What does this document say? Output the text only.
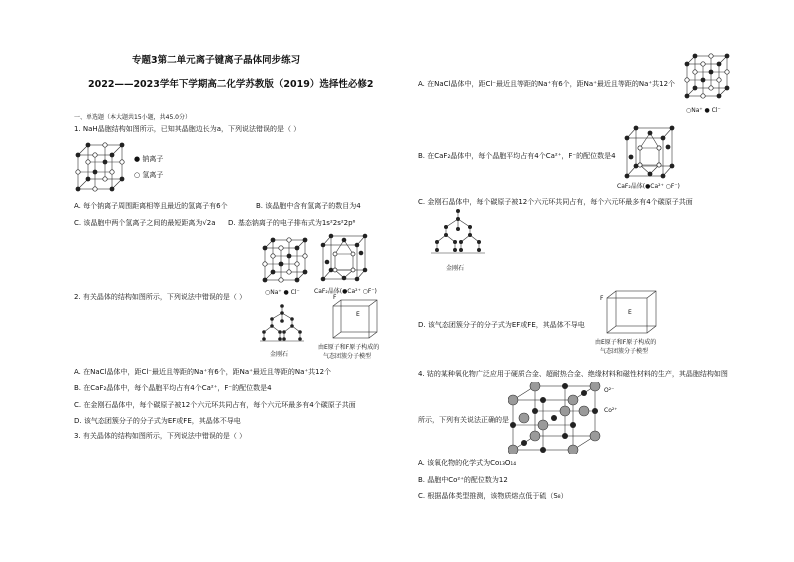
专题3第二单元离子键离子晶体同步练习
2022——2023学年下学期高二化学苏教版（2019）选择性必修2
一、单选题（本大题共15小题，共45.0分）
1. NaH晶胞结构如图所示，已知其晶胞边长为a，下列说法错误的是（ ）
● 钠离子
○ 氢离子
A. 每个钠离子周围距离相等且最近的氢离子有6个	B. 该晶胞中含有氢离子的数目为4
C. 该晶胞中两个氢离子之间的最短距离为√2a D. 基态钠离子的电子排布式为1s²2s²2p⁶
○Na⁺ ● Cl⁻ CaF₂晶体(●Ca²⁺ ○F⁻)
金刚石
F
E
由E原子和F原子构成的
气态团簇分子模型
2. 有关晶体的结构如图所示，下列说法中错误的是（ ）
A. 在NaCl晶体中，距Cl⁻最近且等距的Na⁺有6个，距Na⁺最近且等距的Na⁺共12个
B. 在CaF₂晶体中，每个晶胞平均占有4个Ca²⁺，F⁻的配位数是4
C. 在金刚石晶体中，每个碳原子被12个六元环共同占有，每个六元环最多有4个碳原子共面
D. 该气态团簇分子的分子式为EF或FE，其晶体不导电
3. 有关晶体的结构如图所示，下列说法中错误的是（ ）
A. 在NaCl晶体中，距Cl⁻最近且等距的Na⁺有6个，距Na⁺最近且等距的Na⁺共12个
○Na⁺ ● Cl⁻
B. 在CaF₂晶体中，每个晶胞平均占有4个Ca²⁺，F⁻的配位数是4
CaF₂晶体(●Ca²⁺ ○F⁻)
C. 金刚石晶体中，每个碳原子被12个六元环共同占有，每个六元环最多有4个碳原子共面
金刚石
F
E
D. 该气态团簇分子的分子式为EF或FE，其晶体不导电
由E原子和F原子构成的
气态团簇分子模型
4. 钴的某种氧化物广泛应用于硬质合金、超耐热合金、绝缘材料和磁性材料的生产，其晶胞结构如图
O²⁻
Co²⁺
所示，下列有关说法正确的是
A. 该氧化物的化学式为Co₁₃O₁₄
B. 晶胞中Co²⁺的配位数为12
C. 根据晶体类型推测，该物质熔点低于硫（S₈）
